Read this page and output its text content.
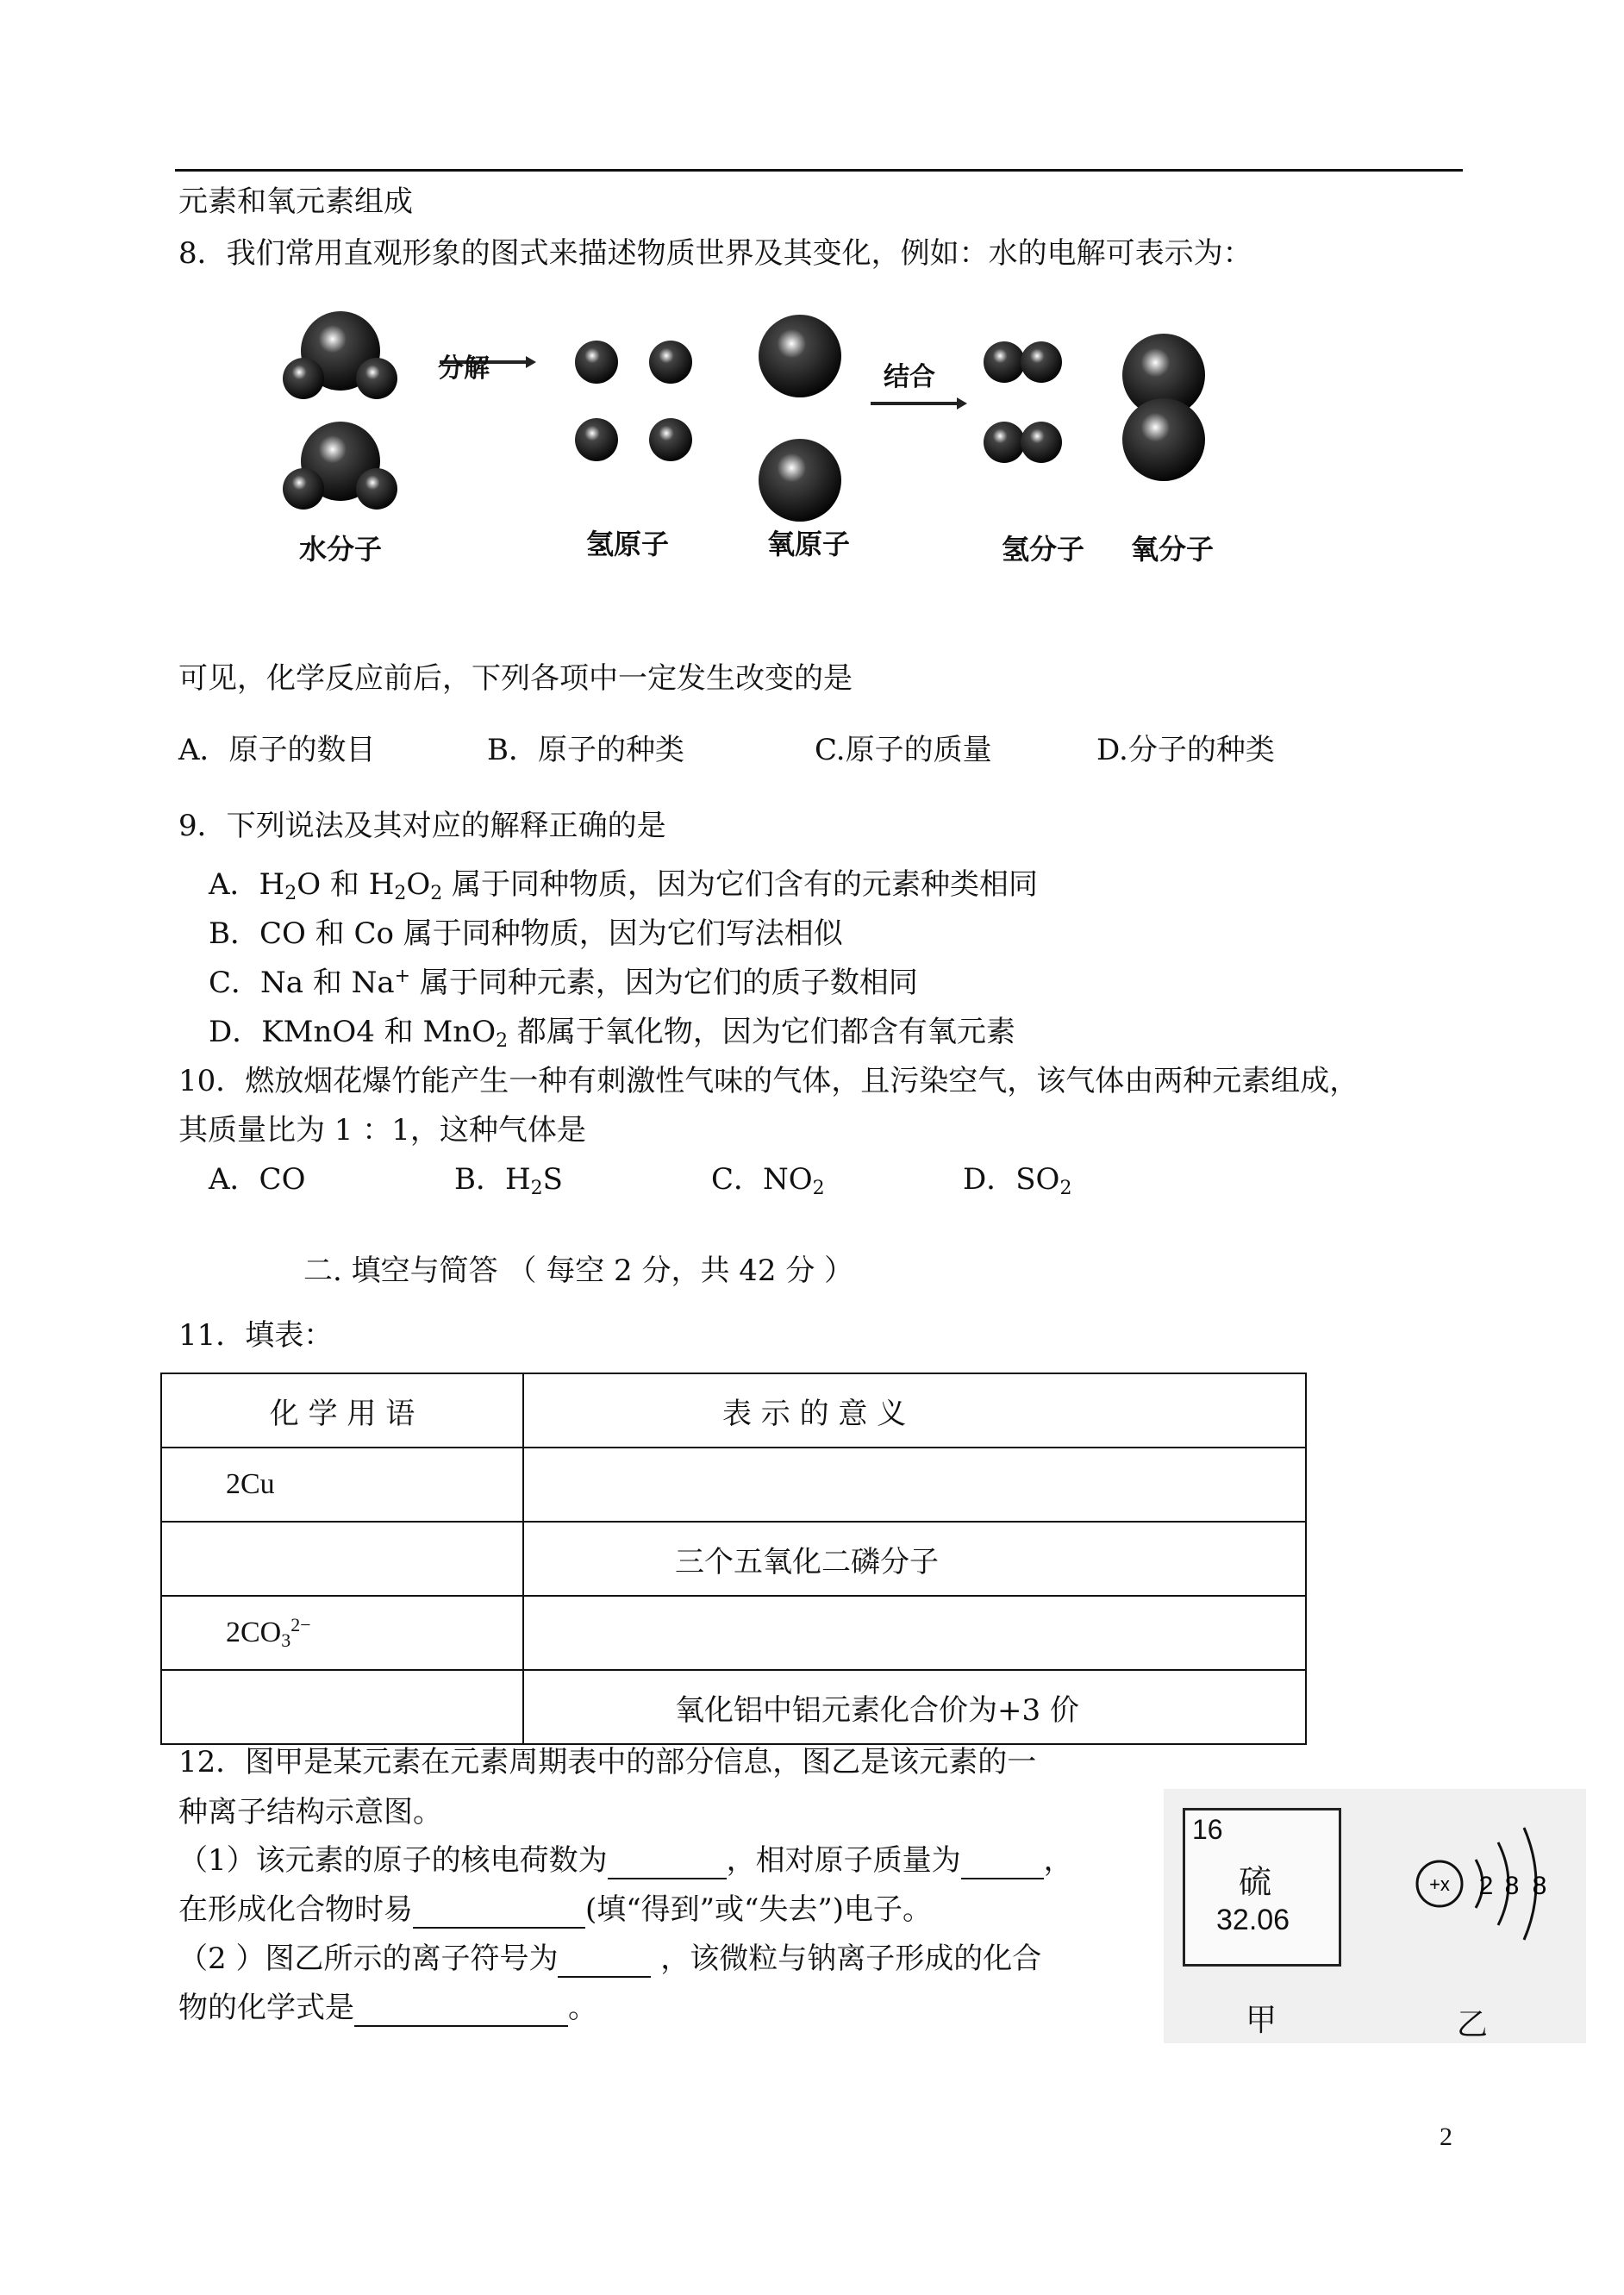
元素和氧元素组成
8．我们常用直观形象的图式来描述物质世界及其变化，例如：水的电解可表示为：
分解	结合
水分子	氢原子	氧原子	氢分子 氧分子
可见，化学反应前后，下列各项中一定发生改变的是
A．原子的数目	B．原子的种类	C.原子的质量	D.分子的种类
9．下列说法及其对应的解释正确的是
A．$H_2O$ 和 $H_2O_2$ 属于同种物质，因为它们含有的元素种类相同
B．CO 和 Co 属于同种物质，因为它们写法相似
C．Na 和 Na+ 属于同种元素，因为它们的质子数相同
D．KMnO4 和 MnO$_2$ 都属于氧化物，因为它们都含有氧元素
10．燃放烟花爆竹能产生一种有刺激性气味的气体，且污染空气，该气体由两种元素组成，
其质量比为 1 ：1，这种气体是
A．CO	B．$H_2S$	C．$NO_2$	D．$SO_2$
二. 填空与简答 （ 每空 2 分，共 42 分 ）
11．填表：
化 学 用 语	表 示 的 意 义
2Cu	
	三个五氧化二磷分子
$2CO_3^{2-}$	
	氧化铝中铝元素化合价为+3 价
12．图甲是某元素在元素周期表中的部分信息，图乙是该元素的一
种离子结构示意图。
（1）该元素的原子的核电荷数为	，相对原子质量为	，
在形成化合物时易	(填“得到”或“失去”)电子。
（2 ）图乙所示的离子符号为	，该微粒与钠离子形成的化合
物的化学式是	。
16
硫
32.06
甲
+x 2 8 8
乙
2
